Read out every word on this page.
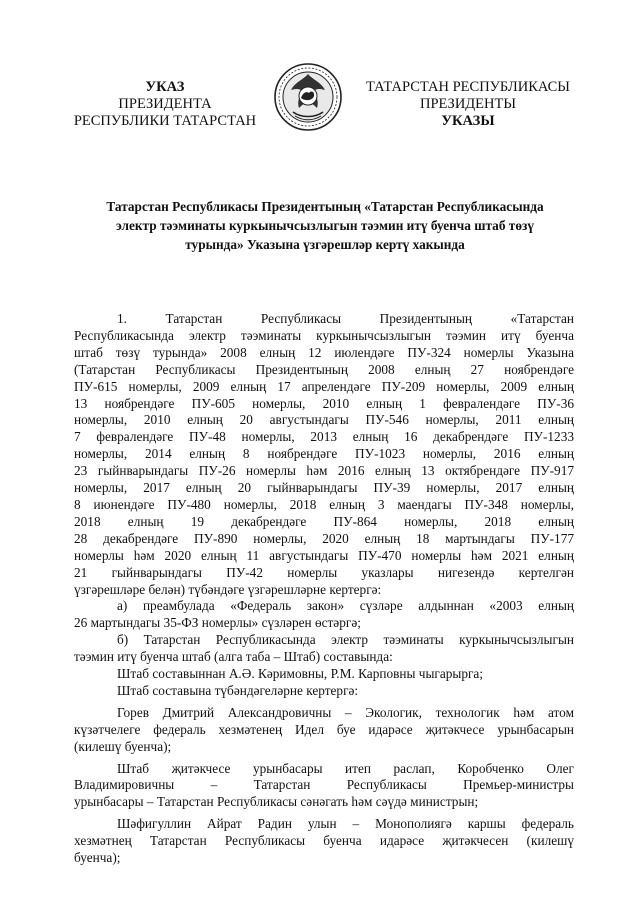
УКАЗ
ПРЕЗИДЕНТА
РЕСПУБЛИКИ ТАТАРСТАН
ТАТАРСТАН РЕСПУБЛИКАСЫ
ПРЕЗИДЕНТЫ
УКАЗЫ
Татарстан Республикасы Президентының «Татарстан Республикасында
электр тәэминаты куркынычсызлыгын тәэмин итү буенча штаб төзү
турында» Указына үзгәрешләр кертү хакында

1. Татарстан Республикасы Президентының «Татарстан

Республикасында электр тәэминаты куркынычсызлыгын тәэмин итү буенча

штаб төзү турында» 2008 елның 12 июлендәге ПУ-324 номерлы Указына

(Татарстан Республикасы Президентының 2008 елның 27 ноябрендәге

ПУ-615 номерлы, 2009 елның 17 апрелендәге ПУ-209 номерлы, 2009 елның

13 ноябрендәге ПУ-605 номерлы, 2010 елның 1 февралендәге ПУ-36

номерлы, 2010 елның 20 августындагы ПУ-546 номерлы, 2011 елның

7 февралендәге ПУ-48 номерлы, 2013 елның 16 декабрендәге ПУ-1233

номерлы, 2014 елның 8 ноябрендәге ПУ-1023 номерлы, 2016 елның

23 гыйнварындагы ПУ-26 номерлы һәм 2016 елның 13 октябрендәге ПУ-917

номерлы, 2017 елның 20 гыйнварындагы ПУ-39 номерлы, 2017 елның

8 июнендәге ПУ-480 номерлы, 2018 елның 3 маендагы ПУ-348 номерлы,

2018 елның 19 декабрендәге ПУ-864 номерлы, 2018 елның

28 декабрендәге ПУ-890 номерлы, 2020 елның 18 мартындагы ПУ-177

номерлы һәм 2020 елның 11 августындагы ПУ-470 номерлы һәм 2021 елның

21 гыйнварындагы ПУ-42 номерлы указлары нигезендә кертелгән

үзгәрешләре белән) түбәндәге үзгәрешләрне кертергә:

а) преамбулада «Федераль закон» сүзләре алдыннан «2003 елның

26 мартындагы 35-ФЗ номерлы» сүзләрен өстәргә;

б) Татарстан Республикасында электр тәэминаты куркынычсызлыгын

тәэмин итү буенча штаб (алга таба – Штаб) составында:

Штаб составыннан А.Ә. Кәримовны, Р.М. Карповны чыгарырга;

Штаб составына түбәндәгеләрне кертергә:

Горев Дмитрий Александровичны – Экологик, технологик һәм атом

күзәтчелеге федераль хезмәтенең Идел буе идарәсе җитәкчесе урынбасарын

(килешү буенча);

Штаб җитәкчесе урынбасары итеп раслап, Коробченко Олег

Владимировичны – Татарстан Республикасы Премьер-министры

урынбасары – Татарстан Республикасы сәнәгать һәм сәүдә министрын;

Шәфигуллин Айрат Радин улын – Монополиягә каршы федераль

хезмәтнең Татарстан Республикасы буенча идарәсе җитәкчесен (килешү

буенча);
